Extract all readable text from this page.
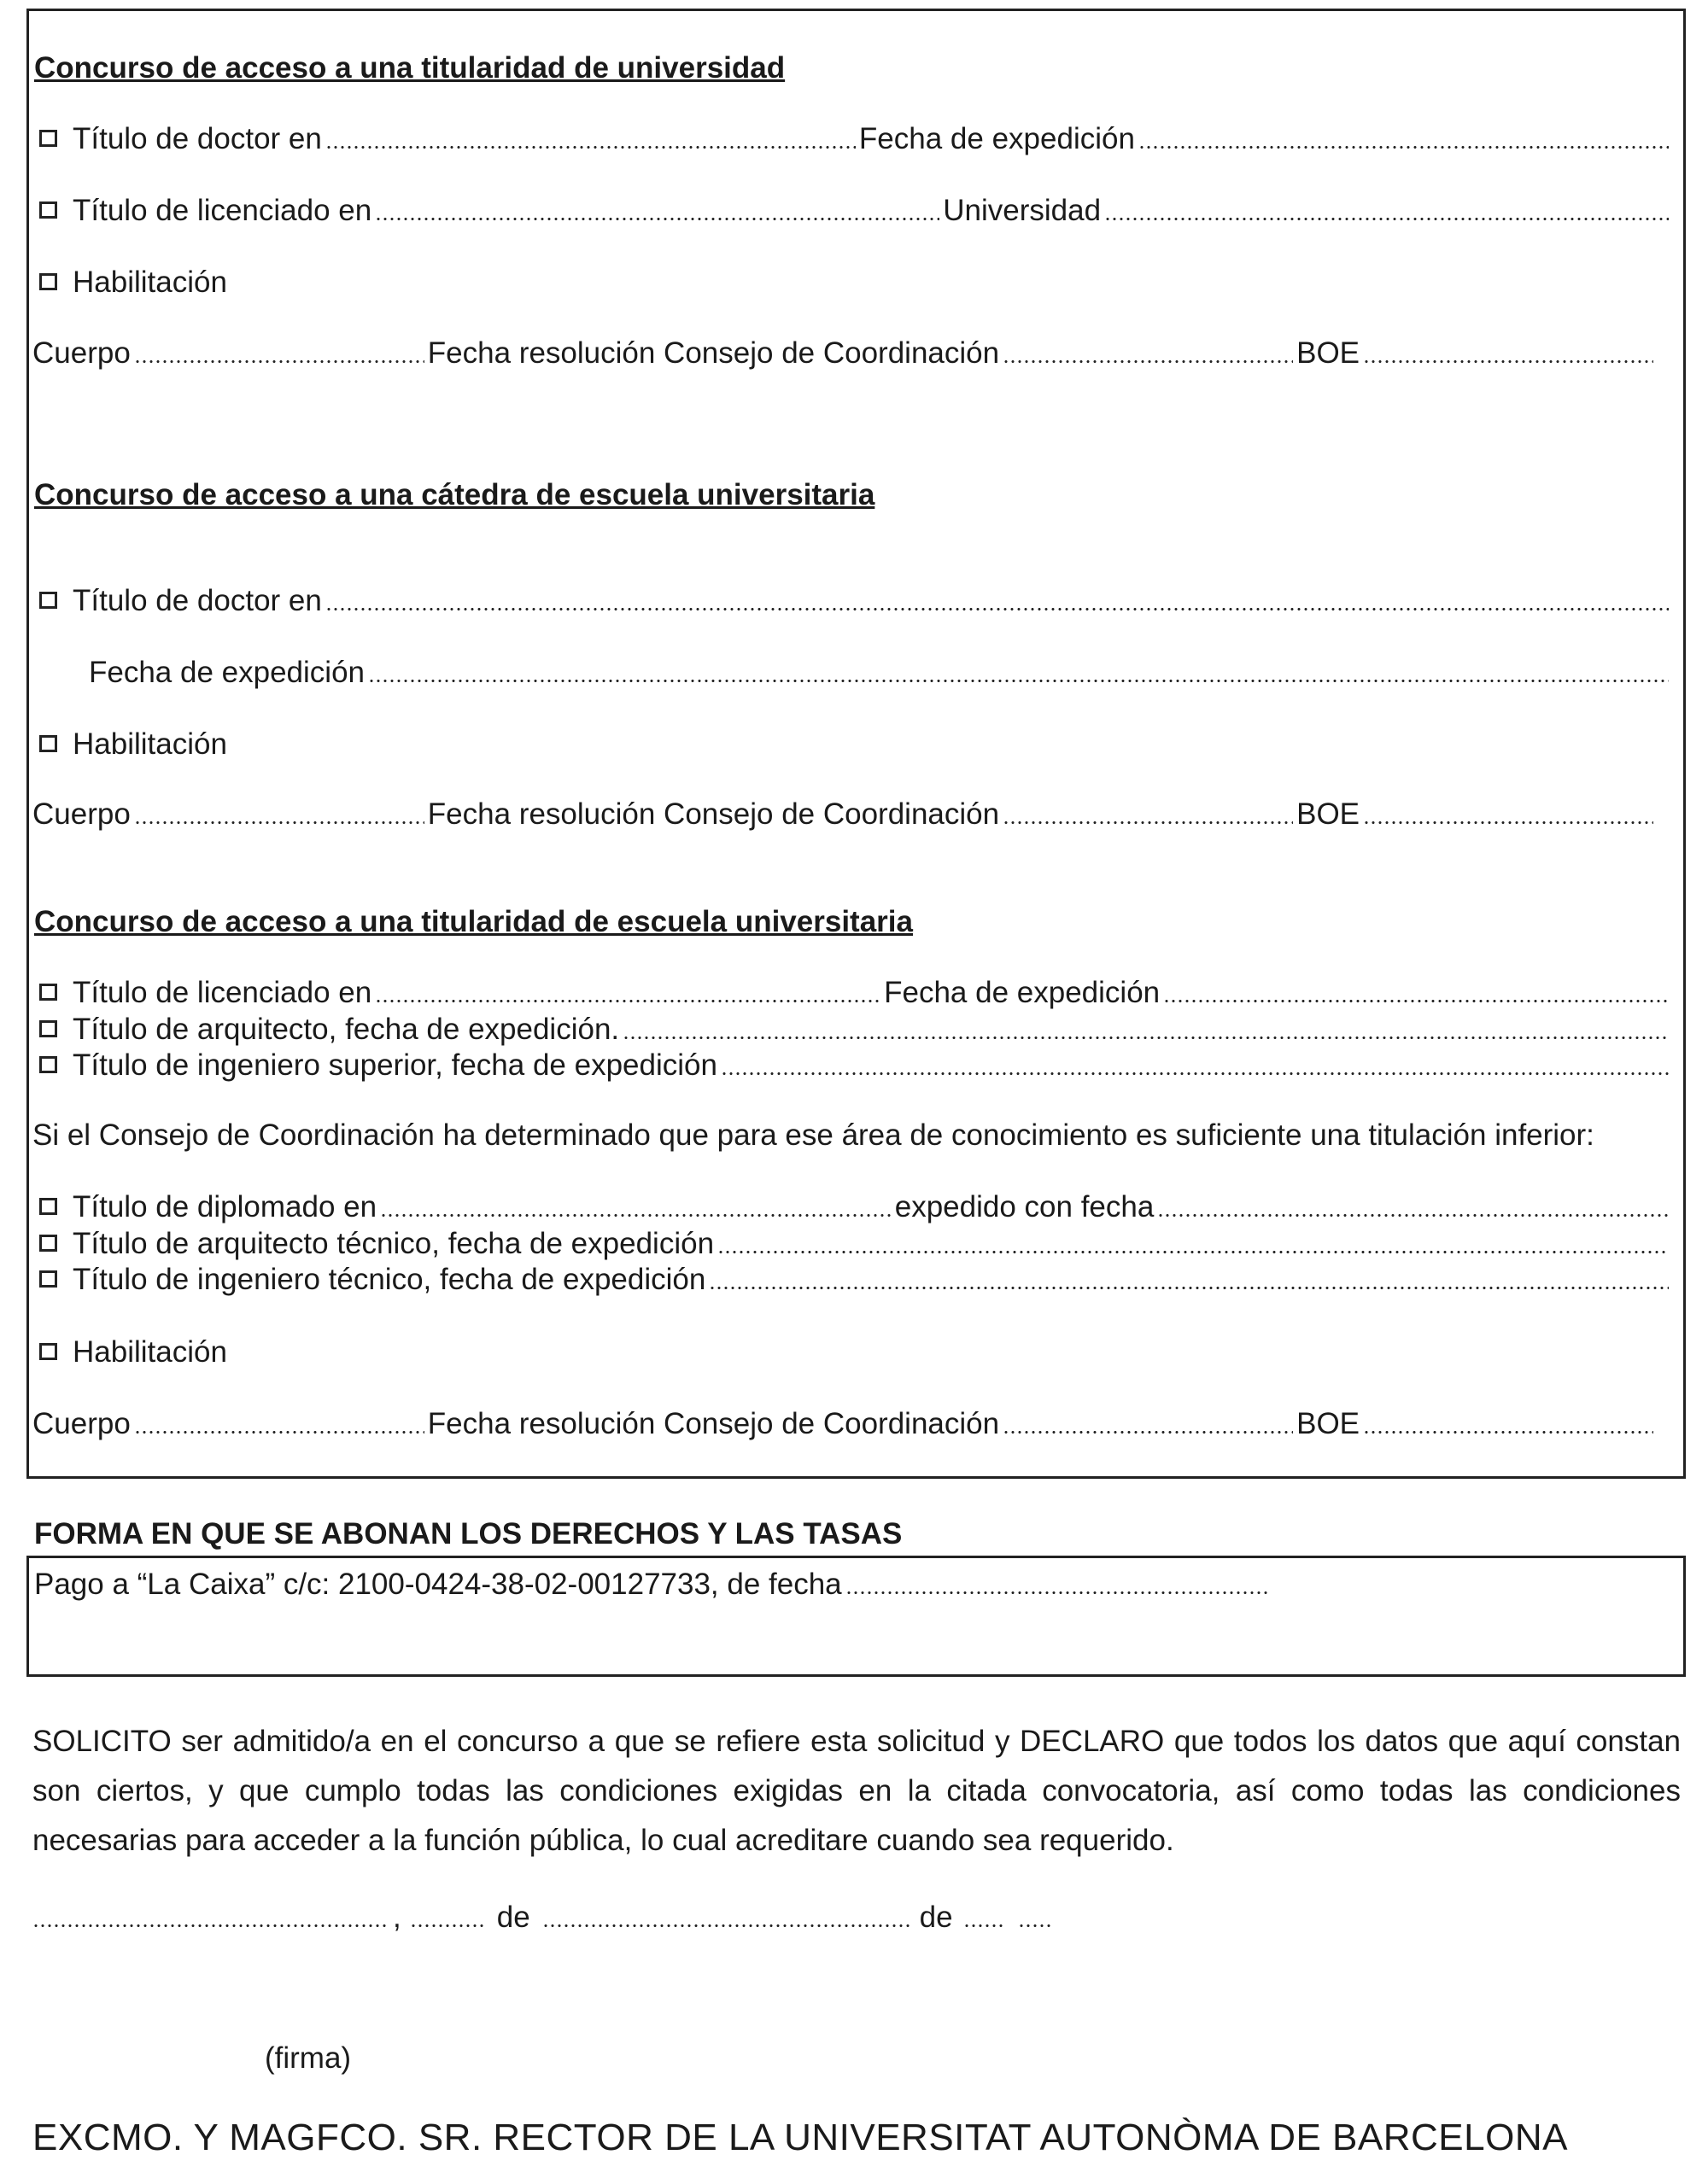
Concurso de acceso a una titularidad de universidad
Título de doctor en	Fecha de expedición
Título de licenciado en	Universidad
Habilitación
Cuerpo	Fecha resolución Consejo de Coordinación	BOE
Concurso de acceso a una cátedra de escuela universitaria
Título de doctor en
Fecha de expedición
Habilitación
Cuerpo	Fecha resolución Consejo de Coordinación	BOE
Concurso de acceso a una titularidad de escuela universitaria
Título de licenciado en	Fecha de expedición
Título de arquitecto, fecha de expedición.
Título de ingeniero superior, fecha de expedición
Si el Consejo de Coordinación ha determinado que para ese área de conocimiento es suficiente una titulación inferior:
Título de diplomado en	expedido con fecha
Título de arquitecto técnico, fecha de expedición
Título de ingeniero técnico, fecha de expedición
Habilitación
Cuerpo	Fecha resolución Consejo de Coordinación	BOE
FORMA EN QUE SE ABONAN LOS DERECHOS Y LAS TASAS
Pago a “La Caixa” c/c: 2100-0424-38-02-00127733, de fecha
SOLICITO ser admitido/a en el concurso a que se refiere esta solicitud y DECLARO que todos los datos que aquí constan son ciertos, y que cumplo todas las condiciones exigidas en la citada convocatoria, así como todas las condiciones necesarias para acceder a la función pública, lo cual acreditare cuando sea requerido.
,	de	de
(firma)
EXCMO. Y MAGFCO. SR. RECTOR DE LA UNIVERSITAT AUTONÒMA DE BARCELONA
